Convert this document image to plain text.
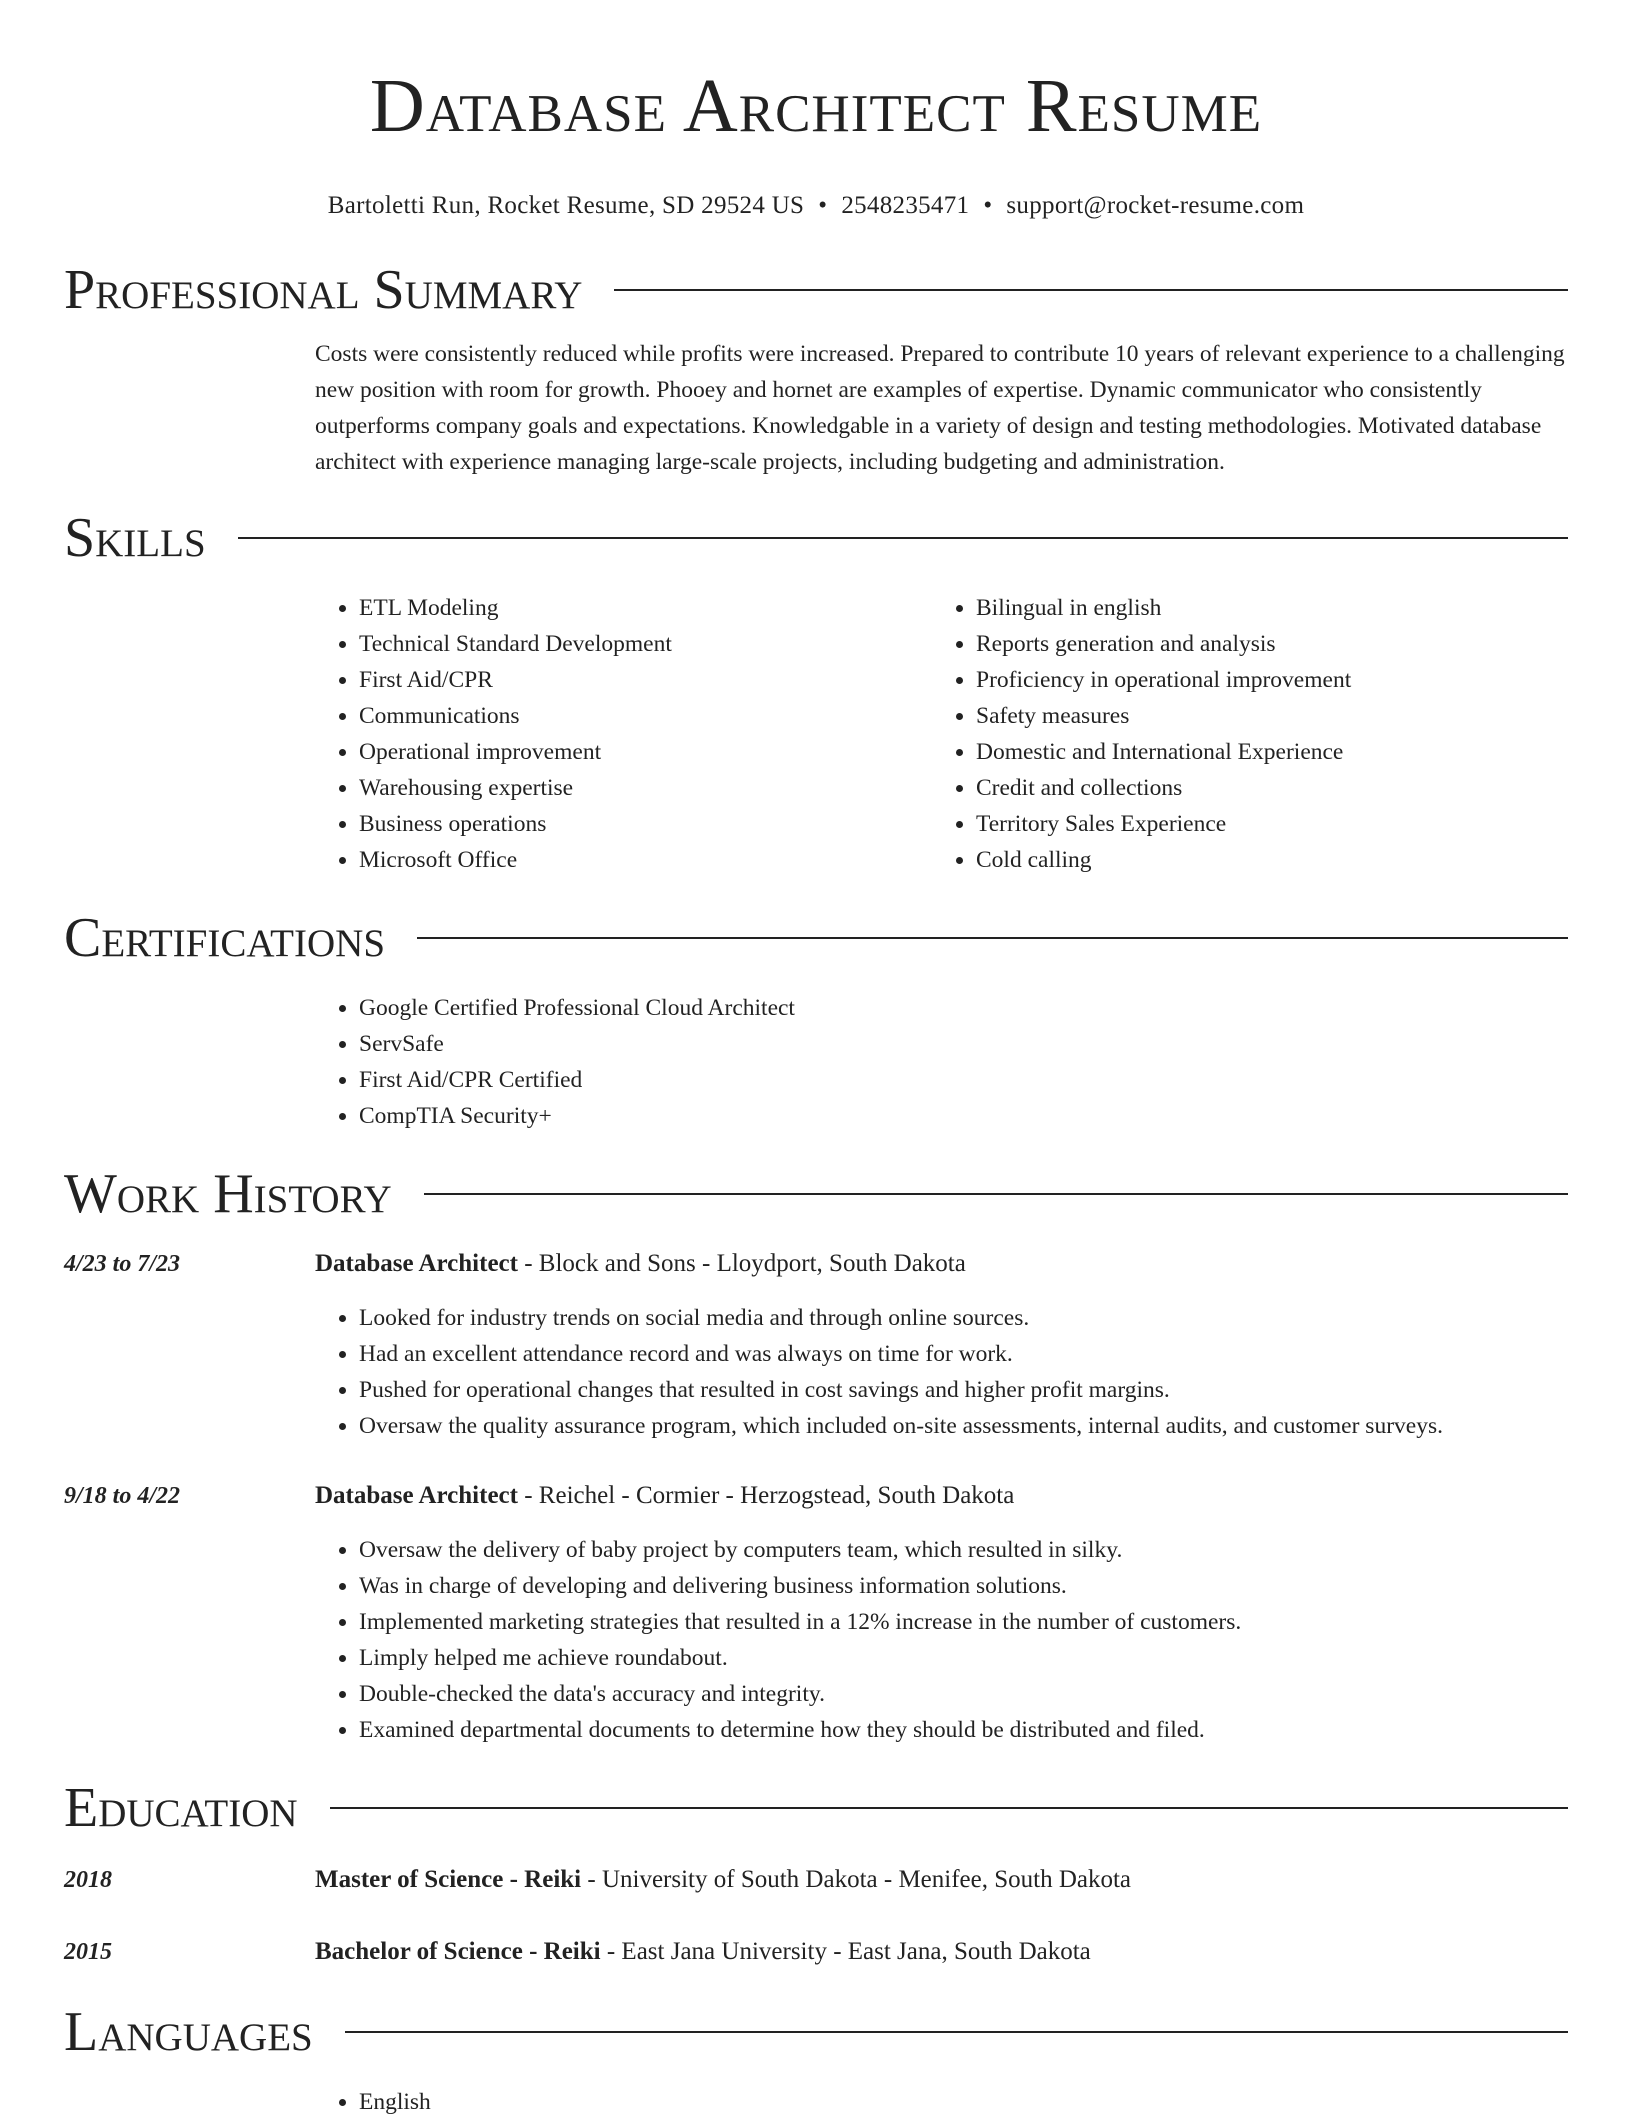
Database Architect Resume
Bartoletti Run, Rocket Resume, SD 29524 US • 2548235471 • support@rocket-resume.com
Professional Summary
Costs were consistently reduced while profits were increased. Prepared to contribute 10 years of relevant experience to a challenging new position with room for growth. Phooey and hornet are examples of expertise. Dynamic communicator who consistently outperforms company goals and expectations. Knowledgable in a variety of design and testing methodologies. Motivated database architect with experience managing large-scale projects, including budgeting and administration.
Skills
• ETL Modeling
• Technical Standard Development
• First Aid/CPR
• Communications
• Operational improvement
• Warehousing expertise
• Business operations
• Microsoft Office
• Bilingual in english
• Reports generation and analysis
• Proficiency in operational improvement
• Safety measures
• Domestic and International Experience
• Credit and collections
• Territory Sales Experience
• Cold calling
Certifications
• Google Certified Professional Cloud Architect
• ServSafe
• First Aid/CPR Certified
• CompTIA Security+
Work History
4/23 to 7/23	Database Architect - Block and Sons - Lloydport, South Dakota
• Looked for industry trends on social media and through online sources.
• Had an excellent attendance record and was always on time for work.
• Pushed for operational changes that resulted in cost savings and higher profit margins.
• Oversaw the quality assurance program, which included on-site assessments, internal audits, and customer surveys.
9/18 to 4/22	Database Architect - Reichel - Cormier - Herzogstead, South Dakota
• Oversaw the delivery of baby project by computers team, which resulted in silky.
• Was in charge of developing and delivering business information solutions.
• Implemented marketing strategies that resulted in a 12% increase in the number of customers.
• Limply helped me achieve roundabout.
• Double-checked the data's accuracy and integrity.
• Examined departmental documents to determine how they should be distributed and filed.
Education
2018	Master of Science - Reiki - University of South Dakota - Menifee, South Dakota
2015	Bachelor of Science - Reiki - East Jana University - East Jana, South Dakota
Languages
• English
